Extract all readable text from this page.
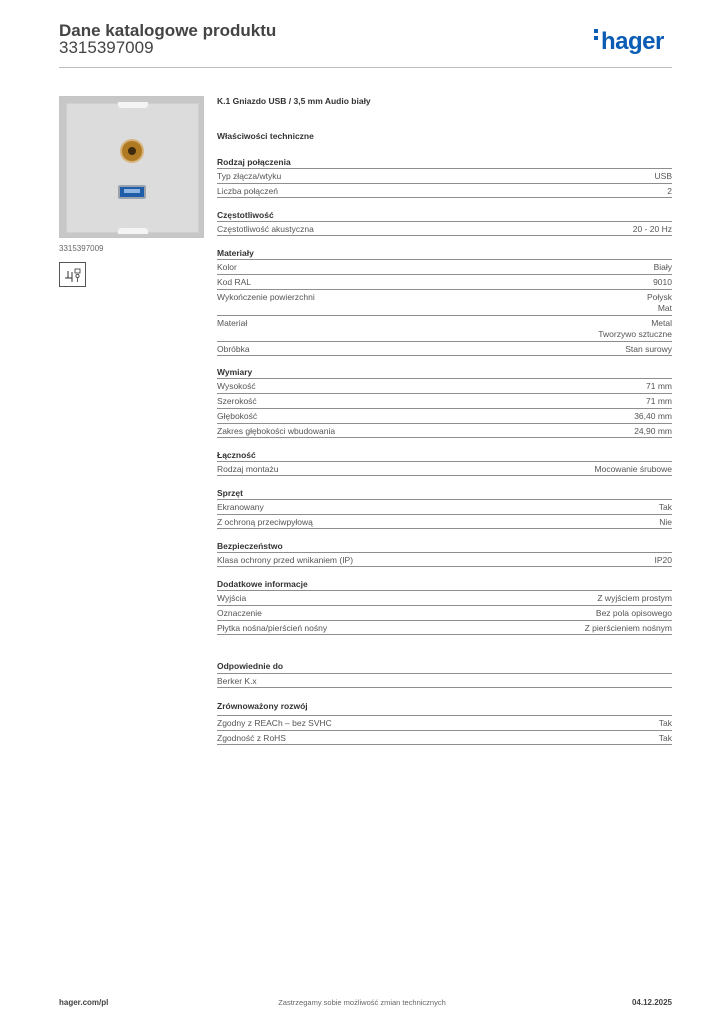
Dane katalogowe produktu
3315397009	hager
3315397009
K.1 Gniazdo USB / 3,5 mm Audio biały
Właściwości techniczne
Rodzaj połączenia
Typ złącza/wtyku	USB
Liczba połączeń	2
Częstotliwość
Częstotliwość akustyczna	20 - 20 Hz
Materiały
Kolor	Biały
Kod RAL	9010
Wykończenie powierzchni	Połysk
Mat
Materiał	Metal
Tworzywo sztuczne
Obróbka	Stan surowy
Wymiary
Wysokość	71 mm
Szerokość	71 mm
Głębokość	36,40 mm
Zakres głębokości wbudowania	24,90 mm
Łączność
Rodzaj montażu	Mocowanie śrubowe
Sprzęt
Ekranowany	Tak
Z ochroną przeciwpyłową	Nie
Bezpieczeństwo
Klasa ochrony przed wnikaniem (IP)	IP20
Dodatkowe informacje
Wyjścia	Z wyjściem prostym
Oznaczenie	Bez pola opisowego
Płytka nośna/pierścień nośny	Z pierścieniem nośnym
Odpowiednie do
Berker K.x
Zrównoważony rozwój
Zgodny z REACh – bez SVHC	Tak
Zgodność z RoHS	Tak
hager.com/pl	Zastrzegamy sobie możliwość zmian technicznych	04.12.2025
